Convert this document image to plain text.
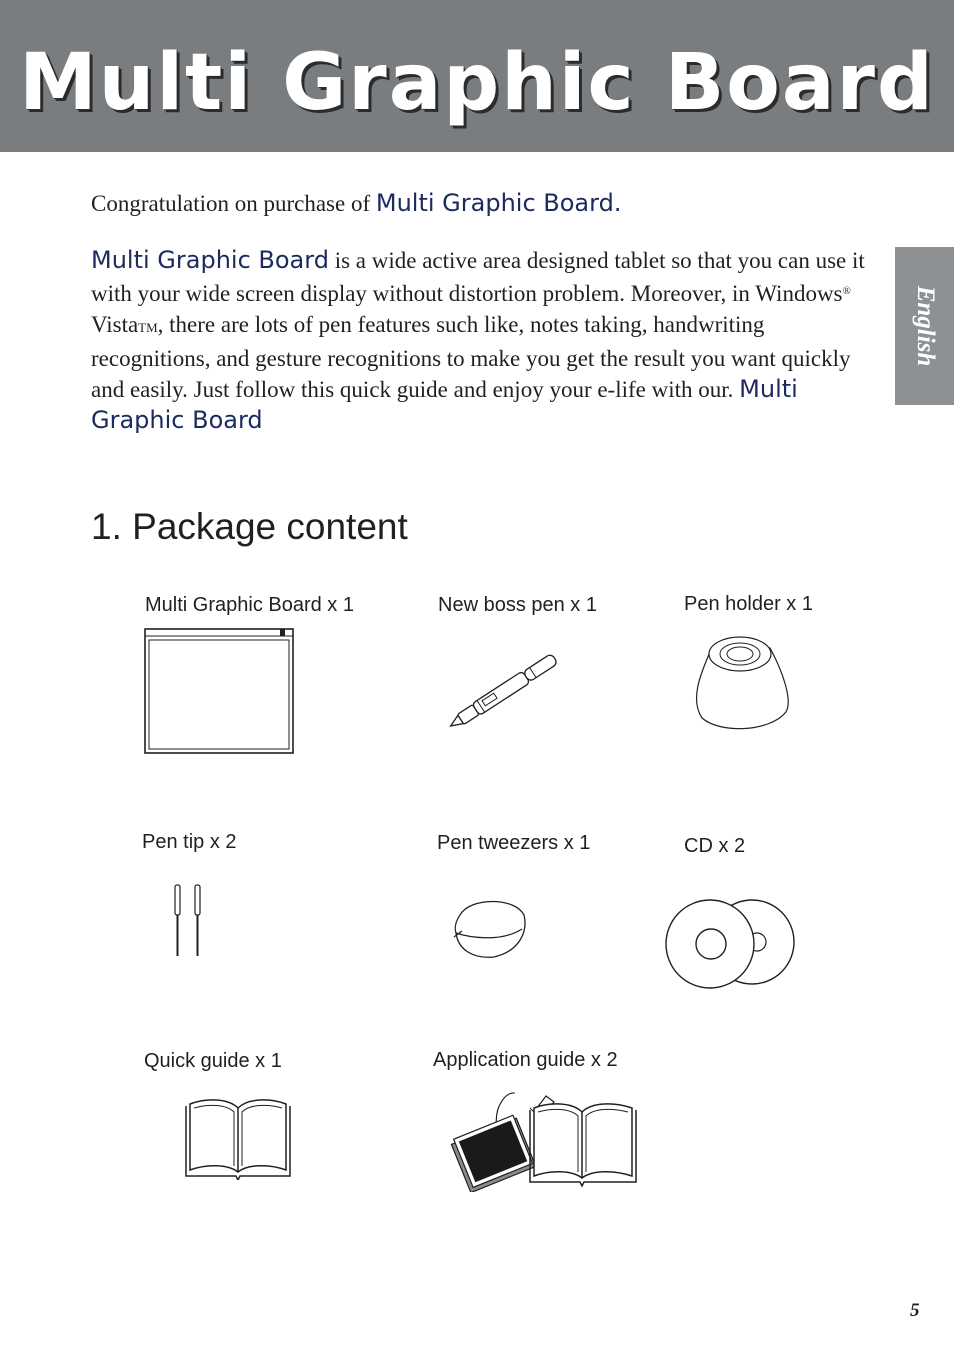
Multi Graphic Board
English

Congratulation on purchase of Multi Graphic Board.

Multi Graphic Board is a wide active area designed tablet so that you can use it with your wide screen display without distortion problem. Moreover, in Windows® VistaTM, there are lots of pen features such like, notes taking, handwriting recognitions, and gesture recognitions to make you get the result you want quickly and easily. Just follow this quick guide and enjoy your e-life with our. Multi Graphic Board

1. Package content
Multi Graphic Board x 1	New boss pen x 1	Pen holder x 1
Pen tip x 2	Pen tweezers x 1	CD x 2
Quick guide x 1	Application guide x 2
5
